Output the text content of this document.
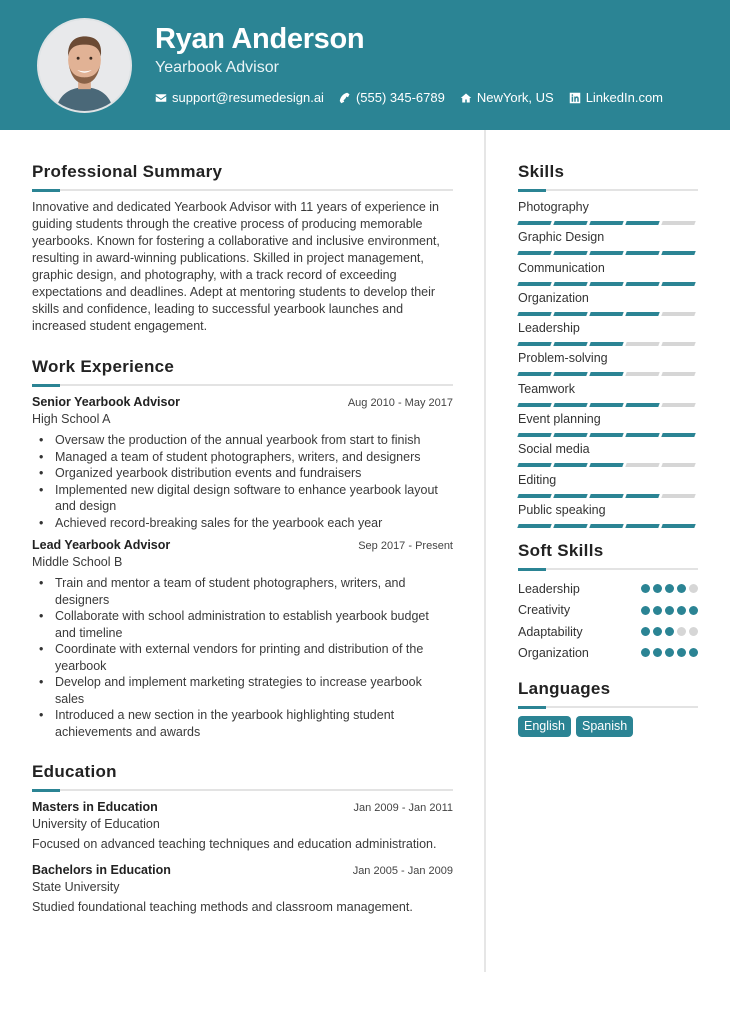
Ryan Anderson
Yearbook Advisor
support@resumedesign.ai (555) 345-6789 NewYork, US LinkedIn.com
Professional Summary

Innovative and dedicated Yearbook Advisor with 11 years of experience in guiding students through the creative process of producing memorable yearbooks. Known for fostering a collaborative and inclusive environment, resulting in award-winning publications. Skilled in project management, graphic design, and photography, with a track record of exceeding expectations and deadlines. Adept at mentoring students to develop their skills and confidence, leading to successful yearbook launches and increased student engagement.

Work Experience
Senior Yearbook Advisor	Aug 2010 - May 2017
High School A
• Oversaw the production of the annual yearbook from start to finish
• Managed a team of student photographers, writers, and designers
• Organized yearbook distribution events and fundraisers
• Implemented new digital design software to enhance yearbook layout and design
• Achieved record-breaking sales for the yearbook each year
Lead Yearbook Advisor	Sep 2017 - Present
Middle School B
• Train and mentor a team of student photographers, writers, and designers
• Collaborate with school administration to establish yearbook budget and timeline
• Coordinate with external vendors for printing and distribution of the yearbook
• Develop and implement marketing strategies to increase yearbook sales
• Introduced a new section in the yearbook highlighting student achievements and awards
Education
Masters in Education	Jan 2009 - Jan 2011
University of Education
Focused on advanced teaching techniques and education administration.
Bachelors in Education	Jan 2005 - Jan 2009
State University
Studied foundational teaching methods and classroom management.
Skills
Photography
Graphic Design
Communication
Organization
Leadership
Problem-solving
Teamwork
Event planning
Social media
Editing
Public speaking
Soft Skills
Leadership
Creativity
Adaptability
Organization
Languages
English	Spanish
